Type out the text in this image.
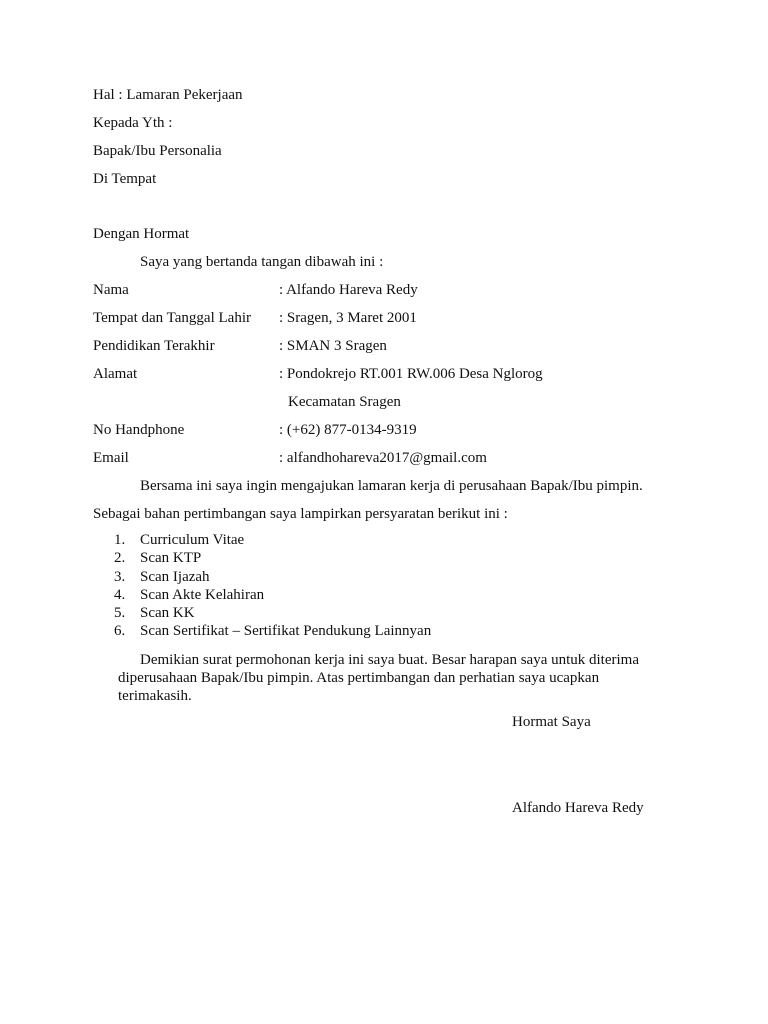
Hal : Lamaran Pekerjaan
Kepada Yth :
Bapak/Ibu Personalia
Di Tempat
Dengan Hormat
Saya yang bertanda tangan dibawah ini :
Nama	: Alfando Hareva Redy
Tempat dan Tanggal Lahir : Sragen, 3 Maret 2001
Pendidikan Terakhir	: SMAN 3 Sragen
Alamat	: Pondokrejo RT.001 RW.006 Desa Nglorog
Kecamatan Sragen
No Handphone	: (+62) 877-0134-9319
Email	: alfandhohareva2017@gmail.com
Bersama ini saya ingin mengajukan lamaran kerja di perusahaan Bapak/Ibu pimpin.
Sebagai bahan pertimbangan saya lampirkan persyaratan berikut ini :
1. Curriculum Vitae
2. Scan KTP
3. Scan Ijazah
4. Scan Akte Kelahiran
5. Scan KK
6. Scan Sertifikat – Sertifikat Pendukung Lainnyan
Demikian surat permohonan kerja ini saya buat. Besar harapan saya untuk diterima
diperusahaan Bapak/Ibu pimpin. Atas pertimbangan dan perhatian saya ucapkan
terimakasih.
Hormat Saya
Alfando Hareva Redy
